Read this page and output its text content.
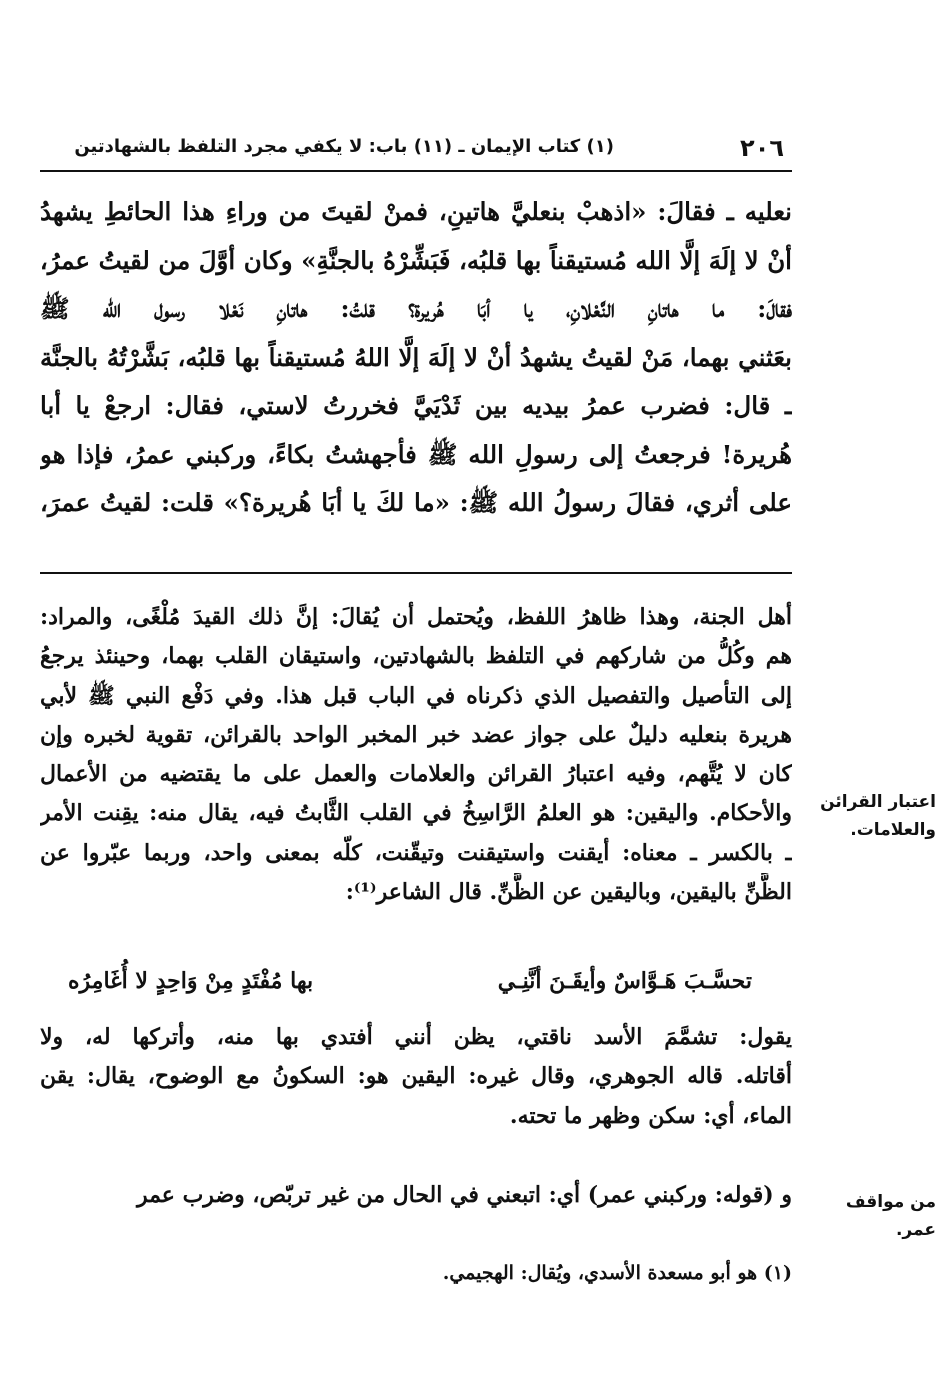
٢٠٦
(١) كتاب الإيمان ـ (١١) باب: لا يكفي مجرد التلفظ بالشهادتين
نعليه ـ فقالَ: «اذهبْ بنعليَّ هاتينِ، فمنْ لقيتَ من وراءِ هذا الحائطِ يشهدُ
أنْ لا إلَهَ إلَّا الله مُستيقناً بها قلبُه، فَبَشِّرْهُ بالجنَّةِ» وكان أوَّلَ من لقيتُ عمرُ،
فقالَ: ما هاتانِ النَّعْلانِ، يا أبَا هُريرة؟ قلتُ: هاتانِ نَعْلا رسول الله ﷺ
بعَثني بهما، مَنْ لقيتُ يشهدُ أنْ لا إلَهَ إلَّا اللهُ مُستيقناً بها قلبُه، بَشَّرْتُهُ بالجنَّة
ـ قال: فضرب عمرُ بيديه بين ثَدْيَيَّ فخررتُ لاستي، فقال: ارجعْ يا أبا
هُريرة! فرجعتُ إلى رسولِ الله ﷺ فأجهشتُ بكاءً، وركبني عمرُ، فإذا هو
على أثري، فقالَ رسولُ الله ﷺ: «ما لكَ يا أبَا هُريرة؟» قلت: لقيتُ عمرَ،
أهل الجنة، وهذا ظاهرُ اللفظ، ويُحتمل أن يُقالَ: إنَّ ذلك القيدَ مُلْغًى، والمراد:
هم وكُلُّ من شاركهم في التلفظ بالشهادتين، واستيقان القلب بهما، وحينئذ يرجعُ
إلى التأصيل والتفصيل الذي ذكرناه في الباب قبل هذا. وفي دَفْع النبي ﷺ لأبي
هريرة بنعليه دليلٌ على جواز عضد خبر المخبر الواحد بالقرائن، تقوية لخبره وإن
كان لا يُتَّهم، وفيه اعتبارُ القرائن والعلامات والعمل على ما يقتضيه من الأعمال
والأحكام. واليقين: هو العلمُ الرَّاسِخُ في القلب الثَّابتُ فيه، يقال منه: يقِنت الأمر
ـ بالكسر ـ معناه: أيقنت واستيقنت وتيقّنت، كلّه بمعنى واحد، وربما عبّروا عن
الظَّنِّ باليقين، وباليقين عن الظَّنِّ. قال الشاعر⁽¹⁾:
تحسَّـبَ هَـوَّاسٌ وأيقَـنَ أنَّنِـي
بها مُفْتَدٍ مِنْ وَاحِدٍ لا أُغَامِرُه
يقول: تشمَّمَ الأسد ناقتي، يظن أنني أفتدي بها منه، وأتركها له، ولا
أقاتله. قاله الجوهري، وقال غيره: اليقين هو: السكونُ مع الوضوح، يقال: يقن
الماء، أي: سكن وظهر ما تحته.
و (قوله: وركبني عمر) أي: اتبعني في الحال من غير تربّص، وضرب عمر
اعتبار القرائن
والعلامات.
من مواقف
عمر.
(١) هو أبو مسعدة الأسدي، ويُقال: الهجيمي.
